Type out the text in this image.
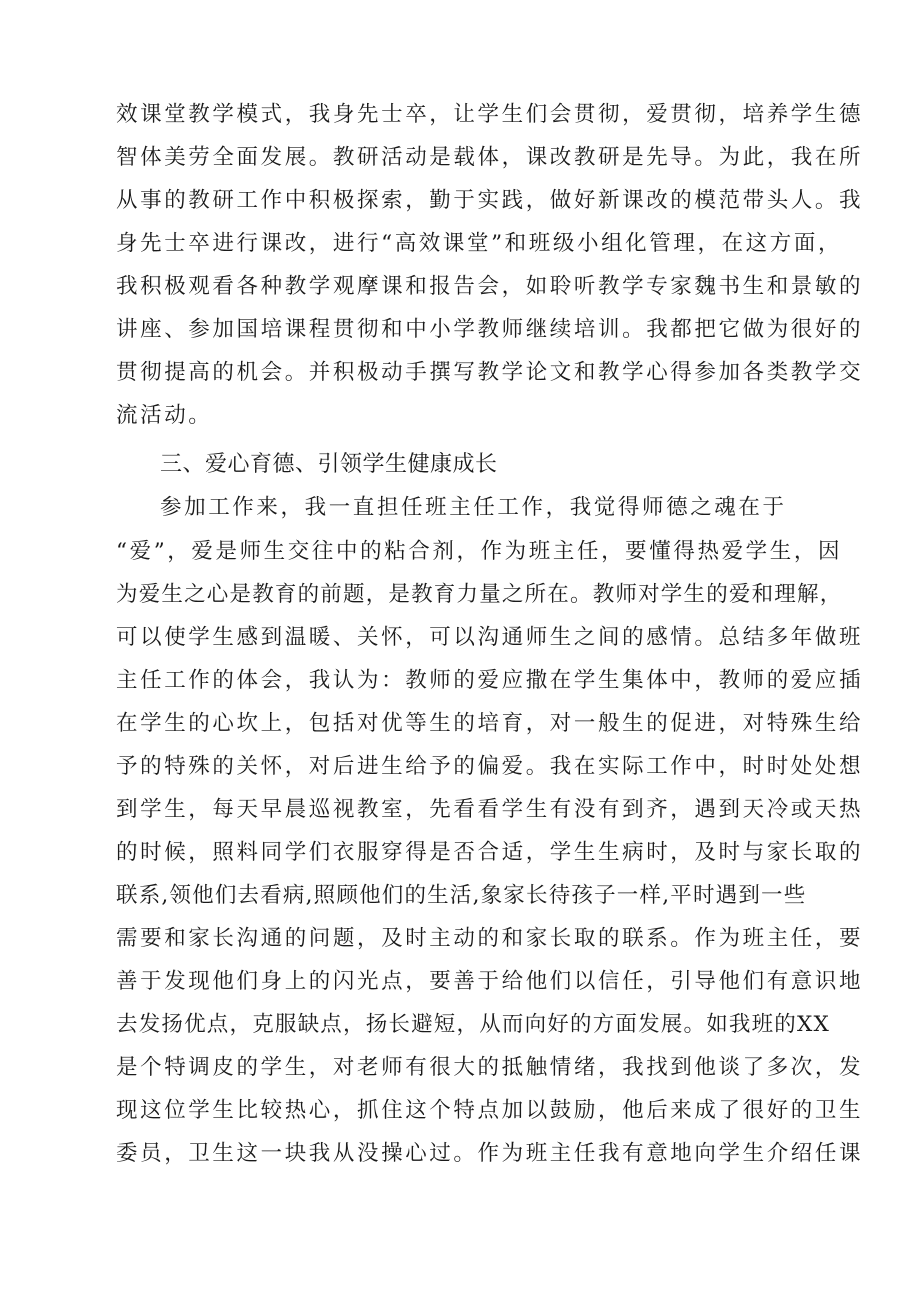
效课堂教学模式，我身先士卒，让学生们会贯彻，爱贯彻，培养学生德
智体美劳全面发展。教研活动是载体，课改教研是先导。为此，我在所
从事的教研工作中积极探索，勤于实践，做好新课改的模范带头人。我
身先士卒进行课改，进行“高效课堂”和班级小组化管理，在这方面，
我积极观看各种教学观摩课和报告会，如聆听教学专家魏书生和景敏的
讲座、参加国培课程贯彻和中小学教师继续培训。我都把它做为很好的
贯彻提高的机会。并积极动手撰写教学论文和教学心得参加各类教学交
流活动。
三、爱心育德、引领学生健康成长
参加工作来，我一直担任班主任工作，我觉得师德之魂在于
“爱”，爱是师生交往中的粘合剂，作为班主任，要懂得热爱学生，因
为爱生之心是教育的前题，是教育力量之所在。教师对学生的爱和理解，
可以使学生感到温暖、关怀，可以沟通师生之间的感情。总结多年做班
主任工作的体会，我认为：教师的爱应撒在学生集体中，教师的爱应插
在学生的心坎上，包括对优等生的培育，对一般生的促进，对特殊生给
予的特殊的关怀，对后进生给予的偏爱。我在实际工作中，时时处处想
到学生，每天早晨巡视教室，先看看学生有没有到齐，遇到天冷或天热
的时候，照料同学们衣服穿得是否合适，学生生病时，及时与家长取的
联系,领他们去看病,照顾他们的生活,象家长待孩子一样,平时遇到一些
需要和家长沟通的问题，及时主动的和家长取的联系。作为班主任，要
善于发现他们身上的闪光点，要善于给他们以信任，引导他们有意识地
去发扬优点，克服缺点，扬长避短，从而向好的方面发展。如我班的XX
是个特调皮的学生，对老师有很大的抵触情绪，我找到他谈了多次，发
现这位学生比较热心，抓住这个特点加以鼓励，他后来成了很好的卫生
委员，卫生这一块我从没操心过。作为班主任我有意地向学生介绍任课
